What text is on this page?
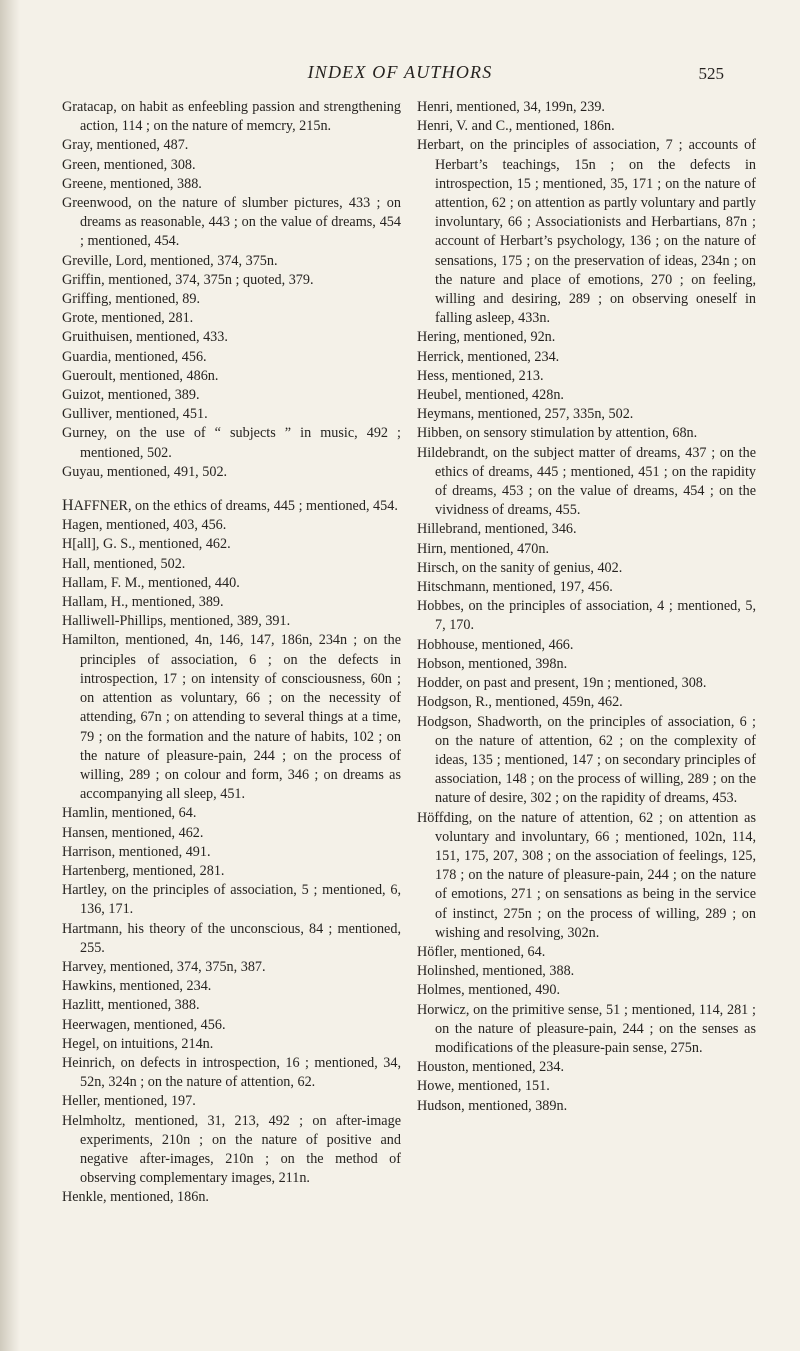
INDEX OF AUTHORS	525

Gratacap, on habit as enfeebling passion and strengthening action, 114 ; on the nature of memcry, 215n.

Gray, mentioned, 487.

Green, mentioned, 308.

Greene, mentioned, 388.

Greenwood, on the nature of slumber pictures, 433 ; on dreams as reasonable, 443 ; on the value of dreams, 454 ; mentioned, 454.

Greville, Lord, mentioned, 374, 375n.

Griffin, mentioned, 374, 375n ; quoted, 379.

Griffing, mentioned, 89.

Grote, mentioned, 281.

Gruithuisen, mentioned, 433.

Guardia, mentioned, 456.

Gueroult, mentioned, 486n.

Guizot, mentioned, 389.

Gulliver, mentioned, 451.

Gurney, on the use of “ subjects ” in music, 492 ; mentioned, 502.

Guyau, mentioned, 491, 502.

HAFFNER, on the ethics of dreams, 445 ; mentioned, 454.

Hagen, mentioned, 403, 456.

H[all], G. S., mentioned, 462.

Hall, mentioned, 502.

Hallam, F. M., mentioned, 440.

Hallam, H., mentioned, 389.

Halliwell-Phillips, mentioned, 389, 391.

Hamilton, mentioned, 4n, 146, 147, 186n, 234n ; on the principles of association, 6 ; on the defects in introspection, 17 ; on intensity of consciousness, 60n ; on attention as voluntary, 66 ; on the necessity of attending, 67n ; on attending to several things at a time, 79 ; on the formation and the nature of habits, 102 ; on the nature of pleasure-pain, 244 ; on the process of willing, 289 ; on colour and form, 346 ; on dreams as accompanying all sleep, 451.

Hamlin, mentioned, 64.

Hansen, mentioned, 462.

Harrison, mentioned, 491.

Hartenberg, mentioned, 281.

Hartley, on the principles of association, 5 ; mentioned, 6, 136, 171.

Hartmann, his theory of the unconscious, 84 ; mentioned, 255.

Harvey, mentioned, 374, 375n, 387.

Hawkins, mentioned, 234.

Hazlitt, mentioned, 388.

Heerwagen, mentioned, 456.

Hegel, on intuitions, 214n.

Heinrich, on defects in introspection, 16 ; mentioned, 34, 52n, 324n ; on the nature of attention, 62.

Heller, mentioned, 197.

Helmholtz, mentioned, 31, 213, 492 ; on after-image experiments, 210n ; on the nature of positive and negative after-images, 210n ; on the method of observing complementary images, 211n.

Henkle, mentioned, 186n.

Henri, mentioned, 34, 199n, 239.

Henri, V. and C., mentioned, 186n.

Herbart, on the principles of association, 7 ; accounts of Herbart’s teachings, 15n ; on the defects in introspection, 15 ; mentioned, 35, 171 ; on the nature of attention, 62 ; on attention as partly voluntary and partly involuntary, 66 ; Associationists and Herbartians, 87n ; account of Herbart’s psychology, 136 ; on the nature of sensations, 175 ; on the preservation of ideas, 234n ; on the nature and place of emotions, 270 ; on feeling, willing and desiring, 289 ; on observing oneself in falling asleep, 433n.

Hering, mentioned, 92n.

Herrick, mentioned, 234.

Hess, mentioned, 213.

Heubel, mentioned, 428n.

Heymans, mentioned, 257, 335n, 502.

Hibben, on sensory stimulation by attention, 68n.

Hildebrandt, on the subject matter of dreams, 437 ; on the ethics of dreams, 445 ; mentioned, 451 ; on the rapidity of dreams, 453 ; on the value of dreams, 454 ; on the vividness of dreams, 455.

Hillebrand, mentioned, 346.

Hirn, mentioned, 470n.

Hirsch, on the sanity of genius, 402.

Hitschmann, mentioned, 197, 456.

Hobbes, on the principles of association, 4 ; mentioned, 5, 7, 170.

Hobhouse, mentioned, 466.

Hobson, mentioned, 398n.

Hodder, on past and present, 19n ; mentioned, 308.

Hodgson, R., mentioned, 459n, 462.

Hodgson, Shadworth, on the principles of association, 6 ; on the nature of attention, 62 ; on the complexity of ideas, 135 ; mentioned, 147 ; on secondary principles of association, 148 ; on the process of willing, 289 ; on the nature of desire, 302 ; on the rapidity of dreams, 453.

Höffding, on the nature of attention, 62 ; on attention as voluntary and involuntary, 66 ; mentioned, 102n, 114, 151, 175, 207, 308 ; on the association of feelings, 125, 178 ; on the nature of pleasure-pain, 244 ; on the nature of emotions, 271 ; on sensations as being in the service of instinct, 275n ; on the process of willing, 289 ; on wishing and resolving, 302n.

Höfler, mentioned, 64.

Holinshed, mentioned, 388.

Holmes, mentioned, 490.

Horwicz, on the primitive sense, 51 ; mentioned, 114, 281 ; on the nature of pleasure-pain, 244 ; on the senses as modifications of the pleasure-pain sense, 275n.

Houston, mentioned, 234.

Howe, mentioned, 151.

Hudson, mentioned, 389n.
